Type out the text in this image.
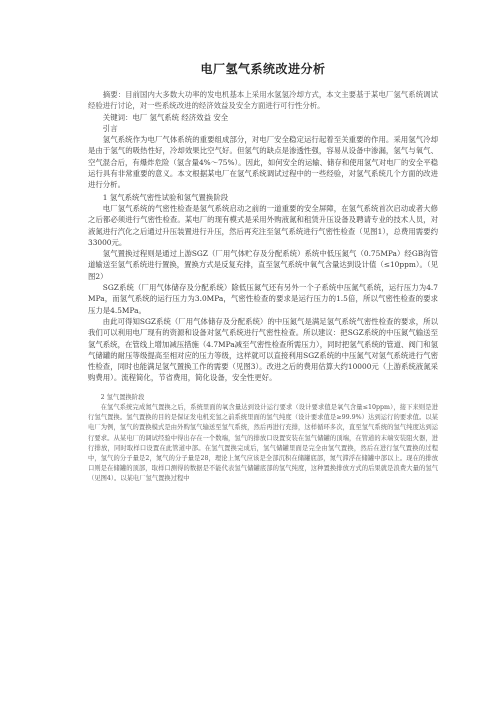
电厂氢气系统改进分析

摘要：目前国内大多数大功率的发电机基本上采用水氢氢冷却方式，本文主要基于某电厂氢气系统调试经验进行讨论，对一些系统改进的经济效益及安全方面进行可行性分析。

关键词：电厂 氢气系统 经济效益 安全

引言

氢气系统作为电厂气体系统的重要组成部分，对电厂安全稳定运行起着至关重要的作用。采用氢气冷却是由于氢气的吸热性好，冷却效果比空气好。但氢气的缺点是渗透性强，容易从设备中渗漏，氢气与氧气、空气混合后，有爆炸危险（氢含量4%～75%）。因此，如何安全的运输、储存和使用氢气对电厂的安全平稳运行具有非常重要的意义。本文根据某电厂在氢气系统调试过程中的一些经验，对氢气系统几个方面的改进进行分析。

1 氢气系统气密性试验和氢气置换阶段

电厂氢气系统的气密性检查是氢气系统启动之前的一道重要的安全屏障，在氢气系统首次启动或者大修之后都必须进行气密性检查。某电厂的现有模式是采用外购液氮和租赁升压设备及聘请专业的技术人员，对液氮进行汽化之后通过升压装置进行升压，然后再充注至氢气系统进行气密性检查（见图1），总费用需要约33000元。

氢气置换过程则是通过上游SGZ（厂用气体贮存及分配系统）系统中低压氮气（0.75MPa）经GB沟管道输送至氢气系统进行置换，置换方式是反复充排，直至氢气系统中氧气含量达到设计值（≤10ppm）。（见图2）

SGZ系统（厂用气体储存及分配系统）除低压氮气还有另外一个子系统中压氮气系统，运行压力为4.7MPa，而氢气系统的运行压力为3.0MPa，气密性检查的要求是运行压力的1.5倍，所以气密性检查的要求压力是4.5MPa。

由此可得知SGZ系统（厂用气体储存及分配系统）的中压氮气是满足氢气系统气密性检查的要求，所以我们可以利用电厂现有的资源和设备对氢气系统进行气密性检查。所以建议：把SGZ系统的中压氮气输送至氢气系统，在管线上增加减压措施（4.7MPa减至气密性检查所需压力），同时把氢气系统的管道、阀门和氢气储罐的耐压等级提高至相对应的压力等级，这样就可以直接利用SGZ系统的中压氮气对氢气系统进行气密性检查，同时也能满足氢气置换工作的需要（见图3）。改进之后的费用估算大约10000元（上游系统液氮采购费用）。流程简化，节省费用，简化设备，安全性更好。

2 氢气置换阶段

在氢气系统完成氮气置换之后，系统里面的氧含量达到设计运行要求（设计要求值是氧气含量≤10ppm），接下来则是进行氢气置换。氢气置换的目的是保证发电机充氢之前系统里面的氢气纯度（设计要求值是≥99.9%）达到运行的要求值。以某电厂为例，氢气的置换模式是由外购氢气输送至氢气系统，然后再进行充排，这样循环多次，直至氢气系统的氢气纯度达到运行要求。从某电厂的调试经验中得出存在一个数端，氢气的排放口设置安装在氢气储罐的顶端，在管道的末端安装阻火器，进行排放，同时取样口设置在此管道中部。在氢气置换完成后，氢气储罐里面是完全由氢气置换，然后在进行氢气置换的过程中，氢气的分子量是2，氮气的分子量是28，理论上氮气应该是全部沉积在储罐底部，氮气滞浮在储罐中部以上。现在的排放口则是在储罐的顶部，取样口测得的数据是不能代表氢气储罐底部的氢气纯度，这种置换排放方式的后果就是浪费大量的氢气（见图4）。以某电厂氢气置换过程中
